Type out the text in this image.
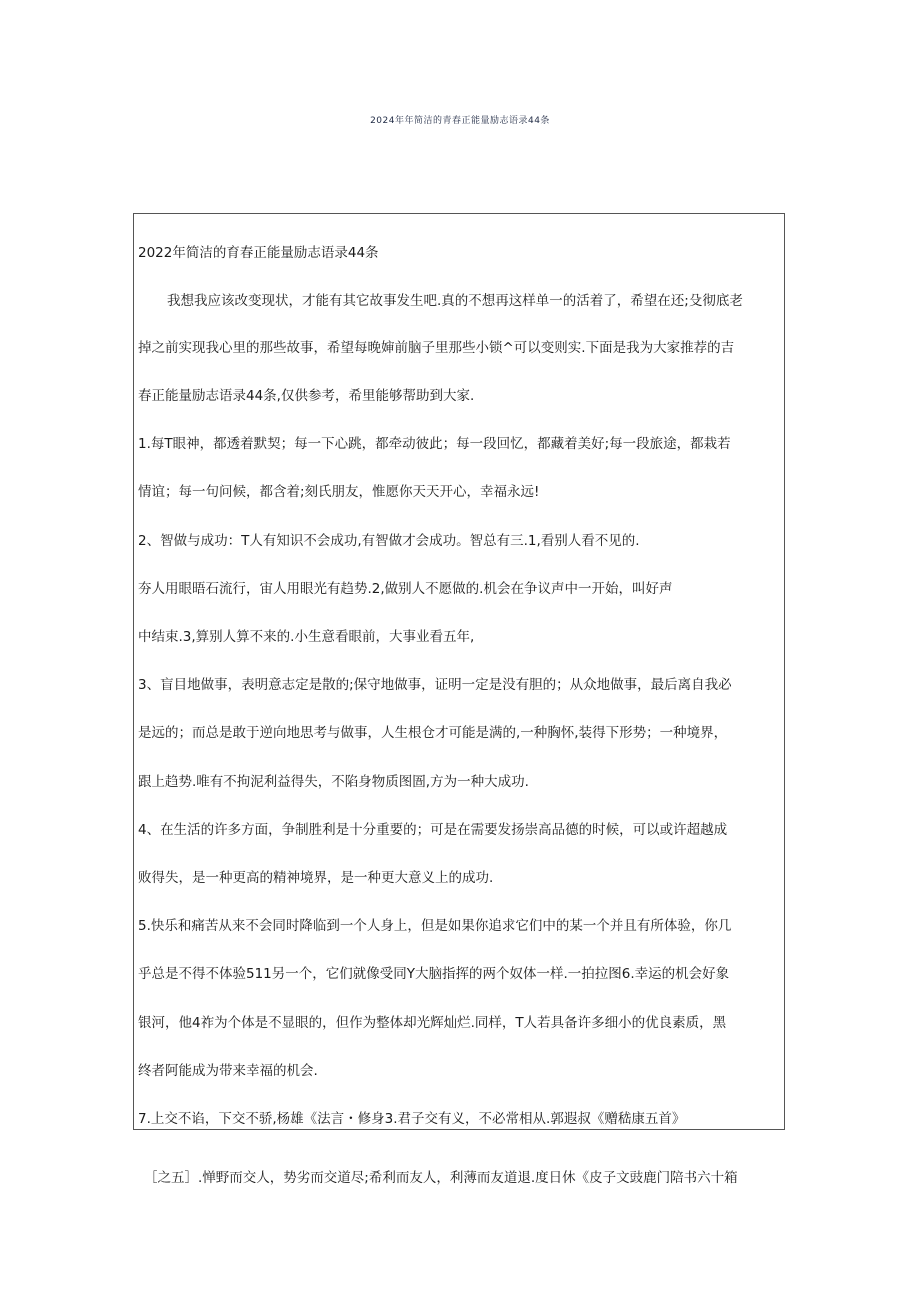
2024年年简洁的青春正能量励志语录44条
2022年简洁的育春正能量励志语录44条
我想我应该改变现状，才能有其它故事发生吧.真的不想再这样单一的活着了，希望在还;殳彻底老
掉之前实现我心里的那些故事，希望每晚婶前脑子里那些小锁^可以变则实.下面是我为大家推荐的吉
春正能量励志语录44条,仅供参考，希里能够帮助到大家.
1.每T眼神，都透着默契；每一下心跳，都牵动彼此；每一段回忆，都藏着美好;每一段旅途，都栽若
情谊；每一句问候，都含着;刻氏朋友，惟愿你天天开心，幸福永远!
2、智做与成功：T人有知识不会成功,有智做才会成功。智总有三.1,看别人看不见的.
夯人用眼晤石流行，宙人用眼光有趋势.2,做别人不愿做的.机会在争议声中一开始，叫好声
中结束.3,算别人算不来的.小生意看眼前，大事业看五年,
3、盲目地做事，表明意志定是散的;保守地做事，证明一定是没有胆的；从众地做事，最后离自我必
是远的；而总是敢于逆向地思考与做事，人生根仓才可能是满的,一种胸怀,装得下形势；一种境界，
跟上趋势.唯有不拘泥利益得失，不陷身物质图圄,方为一种大成功.
4、在生活的许多方面，争制胜利是十分重要的；可是在需要发扬崇高品德的时候，可以或许超越成
败得失，是一种更高的精神境界，是一种更大意义上的成功.
5.快乐和痛苦从来不会同时降临到一个人身上，但是如果你追求它们中的某一个并且有所体验，你几
乎总是不得不体验511另一个，它们就像受同Y大脑指挥的两个奴体一样.一拍拉图6.幸运的机会好象
银河，他4祚为个体是不显眼的，但作为整体却光辉灿烂.同样，T人若具备许多细小的优良素质，黑
终者阿能成为带来幸福的机会.
7.上交不谄，下交不骄,杨雄《法言・修身3.君子交有义，不必常相从.郭遐叔《赠嵇康五首》
［之五］.惮野而交人，势劣而交道尽;希利而友人，利薄而友道退.度日休《皮子文豉鹿门陪书六十箱
